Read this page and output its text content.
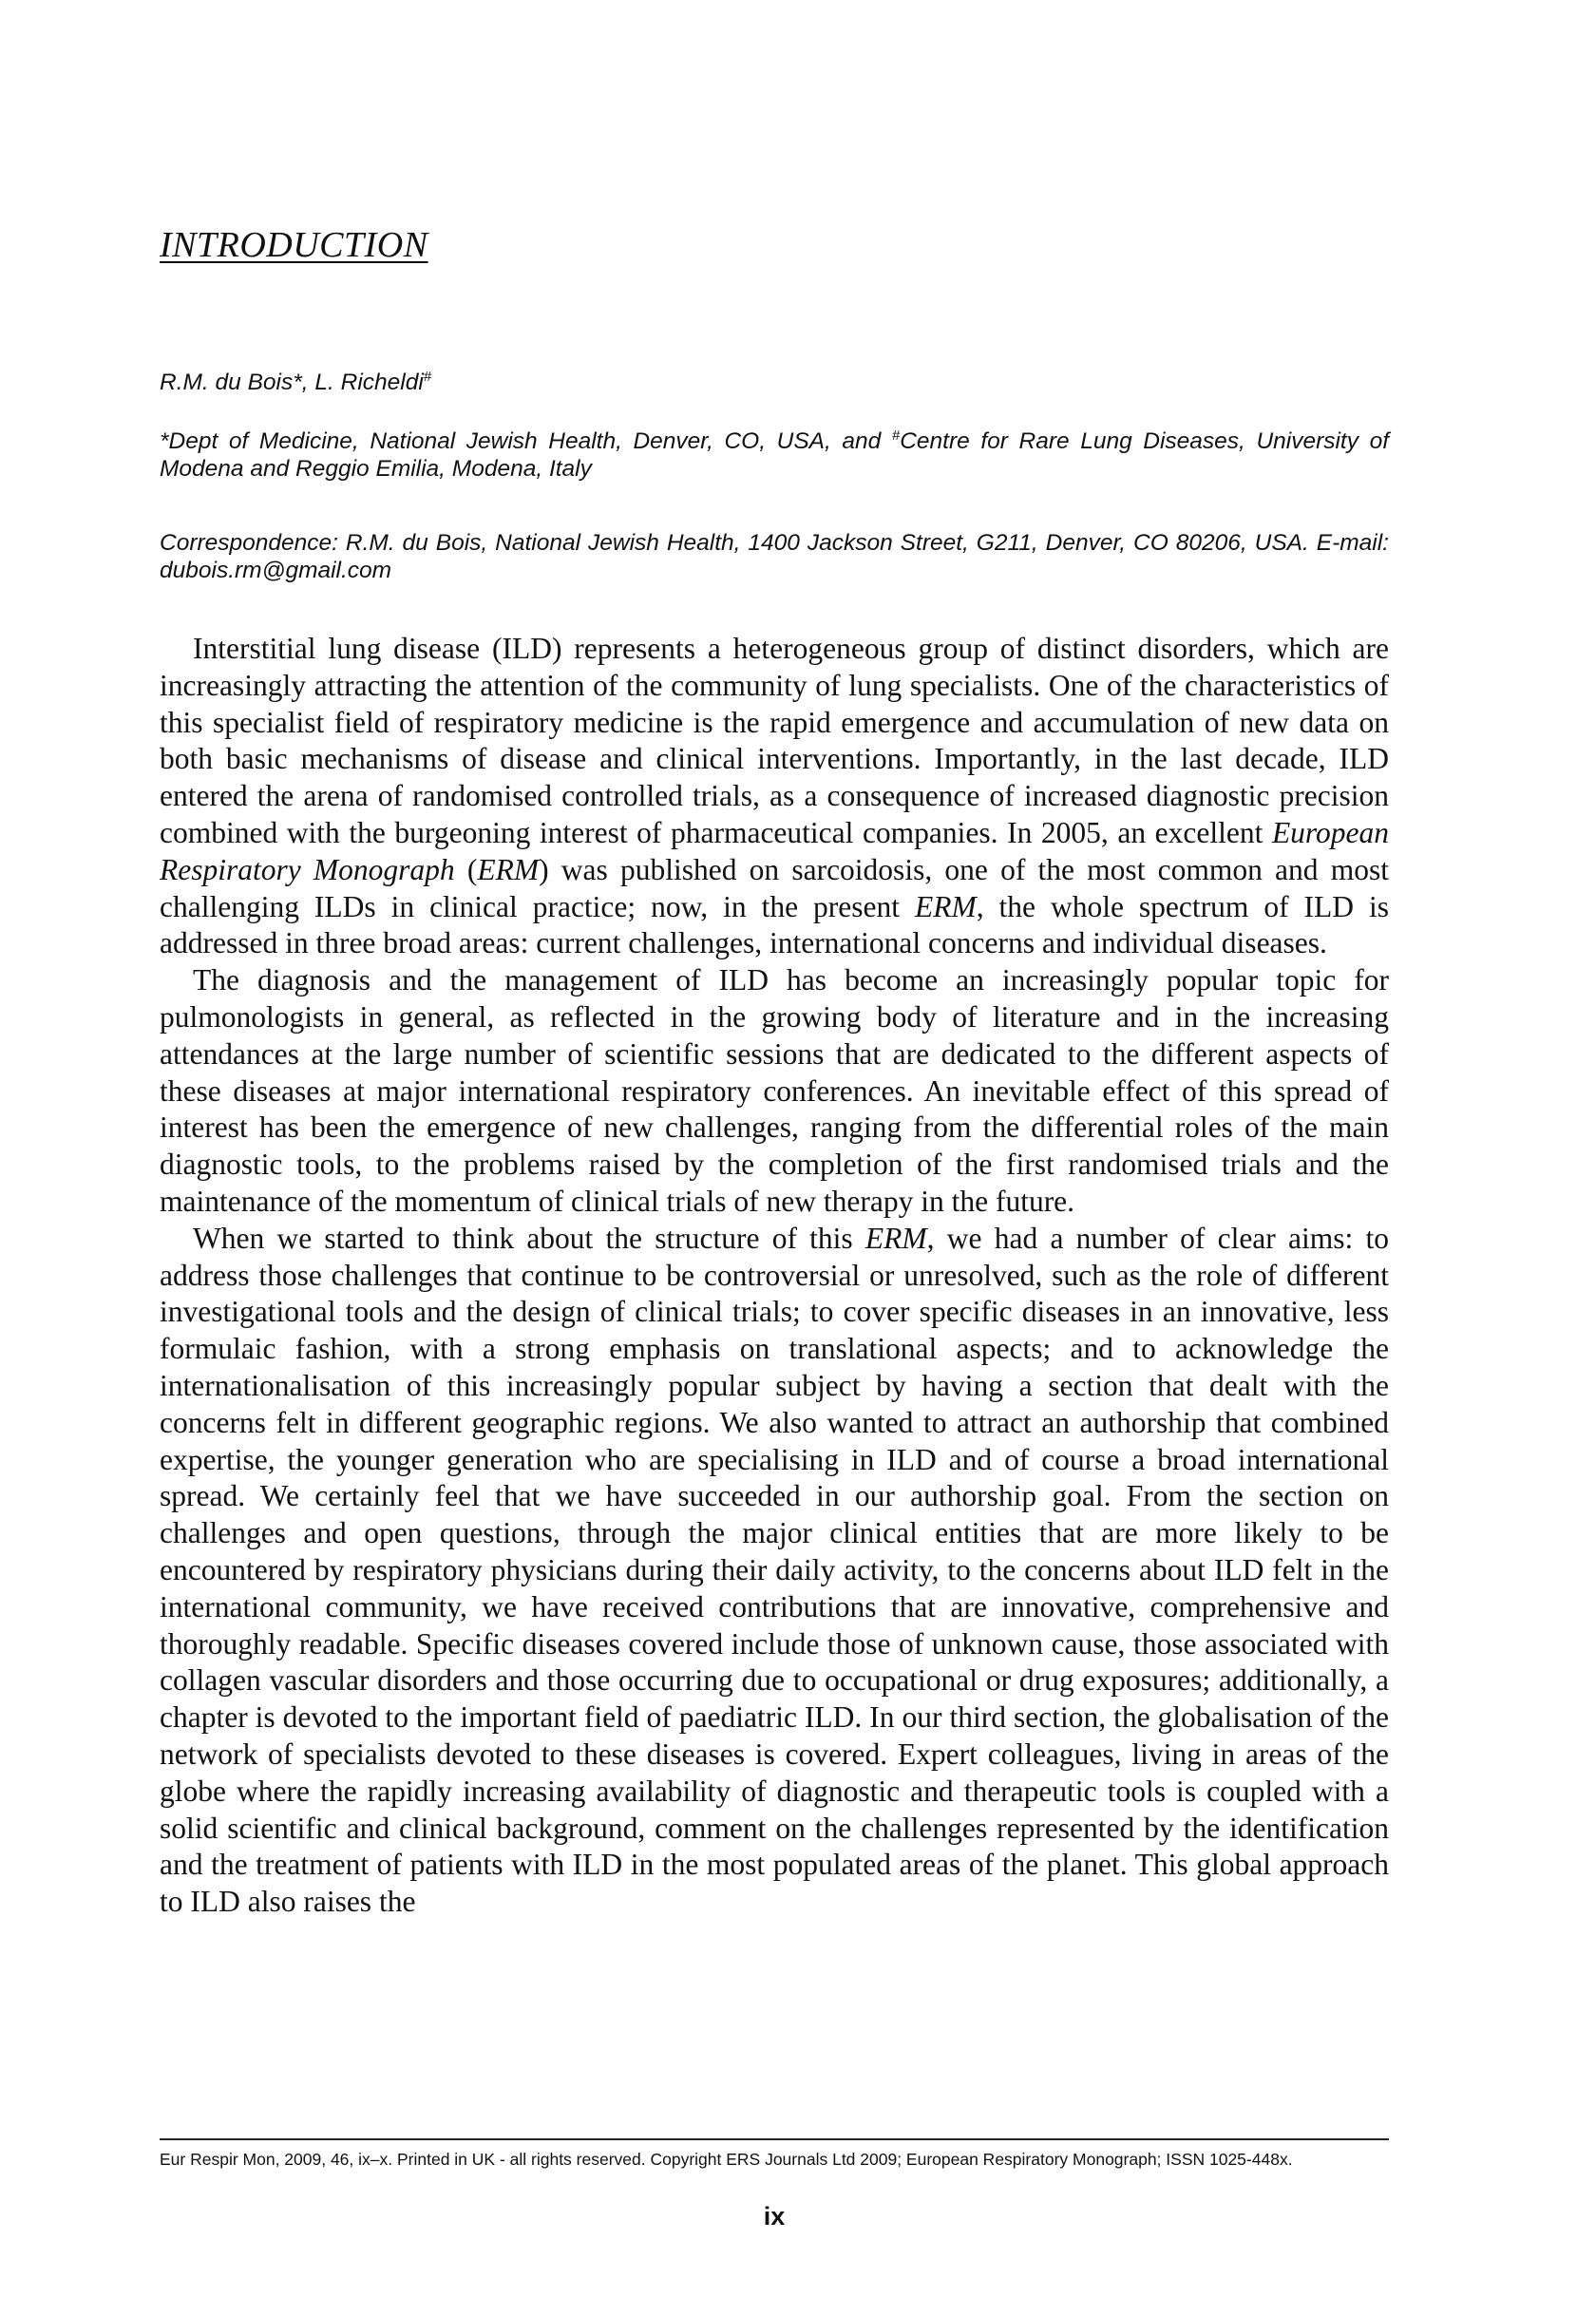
INTRODUCTION

R.M. du Bois*, L. Richeldi#

*Dept of Medicine, National Jewish Health, Denver, CO, USA, and #Centre for Rare Lung Diseases, University of Modena and Reggio Emilia, Modena, Italy

Correspondence: R.M. du Bois, National Jewish Health, 1400 Jackson Street, G211, Denver, CO 80206, USA. E-mail: dubois.rm@gmail.com

Interstitial lung disease (ILD) represents a heterogeneous group of distinct disorders, which are increasingly attracting the attention of the community of lung specialists. One of the characteristics of this specialist field of respiratory medicine is the rapid emergence and accumulation of new data on both basic mechanisms of disease and clinical interventions. Importantly, in the last decade, ILD entered the arena of randomised controlled trials, as a consequence of increased diagnostic precision combined with the burgeoning interest of pharmaceutical companies. In 2005, an excellent European Respiratory Monograph (ERM) was published on sarcoidosis, one of the most common and most challenging ILDs in clinical practice; now, in the present ERM, the whole spectrum of ILD is addressed in three broad areas: current challenges, international concerns and individual diseases.

The diagnosis and the management of ILD has become an increasingly popular topic for pulmonologists in general, as reflected in the growing body of literature and in the increasing attendances at the large number of scientific sessions that are dedicated to the different aspects of these diseases at major international respiratory conferences. An inevitable effect of this spread of interest has been the emergence of new challenges, ranging from the differential roles of the main diagnostic tools, to the problems raised by the completion of the first randomised trials and the maintenance of the momentum of clinical trials of new therapy in the future.

When we started to think about the structure of this ERM, we had a number of clear aims: to address those challenges that continue to be controversial or unresolved, such as the role of different investigational tools and the design of clinical trials; to cover specific diseases in an innovative, less formulaic fashion, with a strong emphasis on translational aspects; and to acknowledge the internationalisation of this increasingly popular subject by having a section that dealt with the concerns felt in different geographic regions. We also wanted to attract an authorship that combined expertise, the younger generation who are specialising in ILD and of course a broad international spread. We certainly feel that we have succeeded in our authorship goal. From the section on challenges and open questions, through the major clinical entities that are more likely to be encountered by respiratory physicians during their daily activity, to the concerns about ILD felt in the international community, we have received contributions that are innovative, comprehensive and thoroughly readable. Specific diseases covered include those of unknown cause, those associated with collagen vascular disorders and those occurring due to occupational or drug exposures; additionally, a chapter is devoted to the important field of paediatric ILD. In our third section, the globalisation of the network of specialists devoted to these diseases is covered. Expert colleagues, living in areas of the globe where the rapidly increasing availability of diagnostic and therapeutic tools is coupled with a solid scientific and clinical background, comment on the challenges represented by the identification and the treatment of patients with ILD in the most populated areas of the planet. This global approach to ILD also raises the

Eur Respir Mon, 2009, 46, ix–x. Printed in UK - all rights reserved. Copyright ERS Journals Ltd 2009; European Respiratory Monograph; ISSN 1025-448x.

ix
